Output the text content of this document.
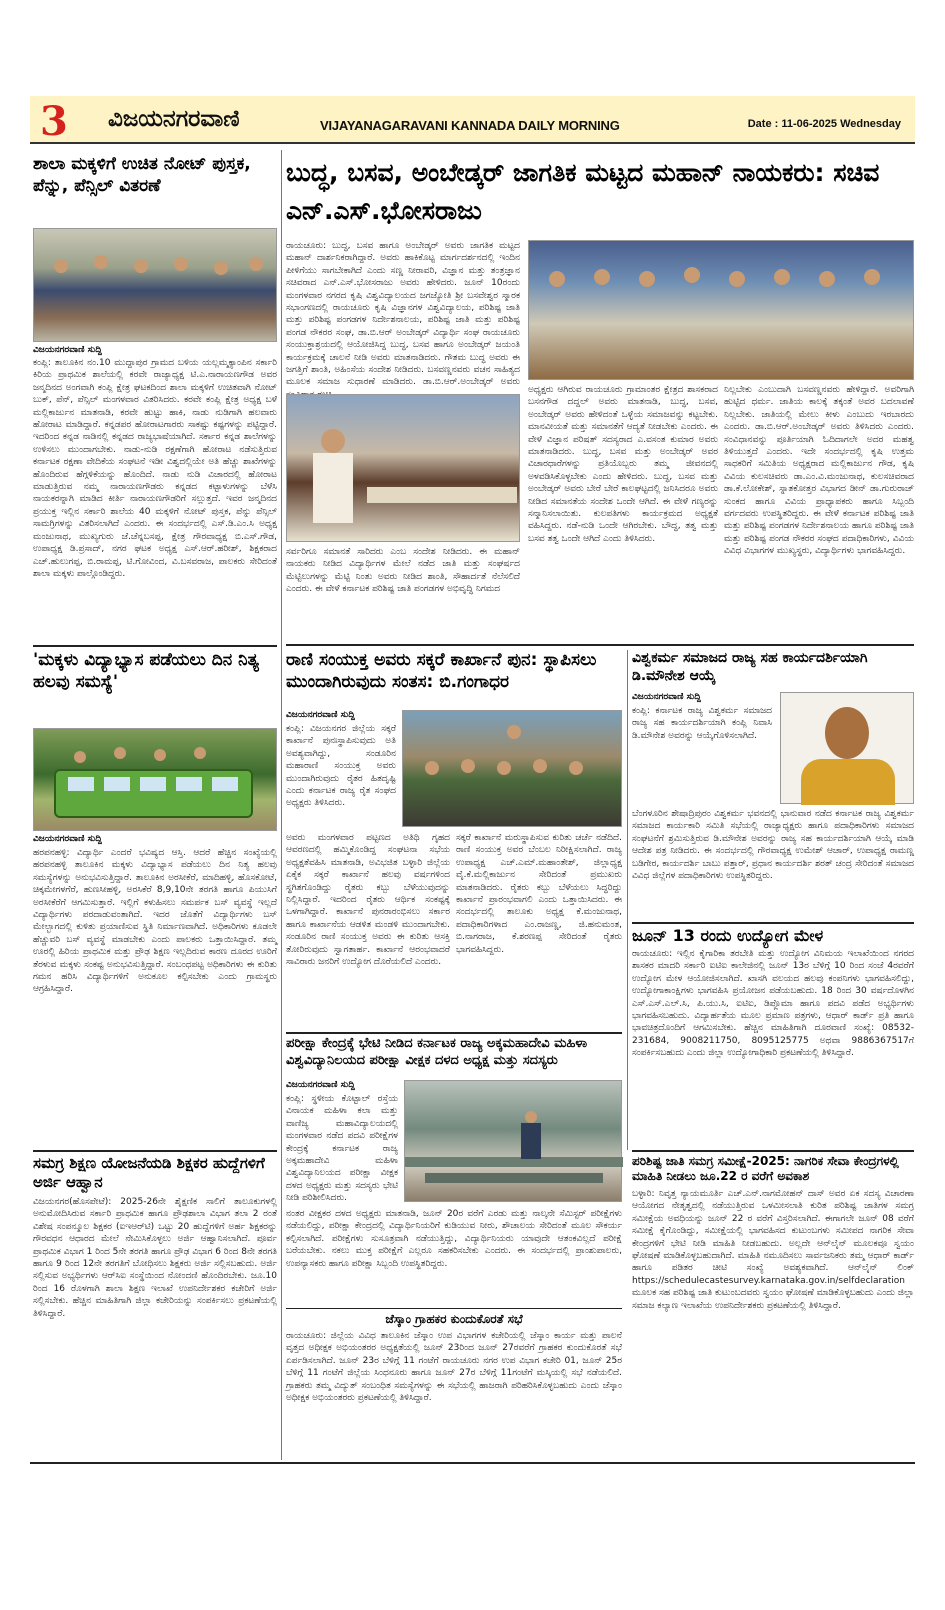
3 ವಿಜಯನಗರವಾಣಿ	VIJAYANAGARAVANI KANNADA DAILY MORNING	Date : 11-06-2025 Wednesday
ಶಾಲಾ ಮಕ್ಕಳಿಗೆ ಉಚಿತ ನೋಟ್ ಪುಸ್ತಕ, ಪೆನ್ನು, ಪೆನ್ಸಿಲ್ ವಿತರಣೆ
ವಿಜಯನಗರವಾಣಿ ಸುದ್ದಿ
ಕಂಪ್ಲಿ: ತಾಲೂಕಿನ ನಂ.10 ಮುದ್ದಾಪುರ ಗ್ರಾಮದ ಬಳಿಯ ಯಲ್ಲಮ್ಮಕ್ಯಾಂಪಿನ ಸರ್ಕಾರಿ ಕಿರಿಯ ಪ್ರಾಥಮಿಕ ಶಾಲೆಯಲ್ಲಿ ಕರವೇ ರಾಜ್ಯಾಧ್ಯಕ್ಷ ಟಿ.ಎ.ನಾರಾಯಣಗೌಡ ಅವರ ಜನ್ಮದಿನದ ಅಂಗವಾಗಿ ಕಂಪ್ಲಿ ಕ್ಷೇತ್ರ ಘಟಕದಿಂದ ಶಾಲಾ ಮಕ್ಕಳಿಗೆ ಉಚಿತವಾಗಿ ನೋಟ್ ಬುಕ್, ಪೆನ್, ಪೆನ್ಸಿಲ್ ಮಂಗಳವಾರ ವಿತರಿಸಿದರು. ಕರವೇ ಕಂಪ್ಲಿ ಕ್ಷೇತ್ರ ಅಧ್ಯಕ್ಷ ಬಳೆ ಮಲ್ಲಿಕಾರ್ಜುನ ಮಾತನಾಡಿ, ಕರವೇ ಹುಟ್ಟು ಹಾಕಿ, ನಾಡು ನುಡಿಗಾಗಿ ಹಲವಾರು ಹೋರಾಟ ಮಾಡಿದ್ದಾರೆ. ಕನ್ನಡಪರ ಹೋರಾಟಗಾರರು ಸಾಕಷ್ಟು ಕಷ್ಟಗಳನ್ನು ಪಟ್ಟಿದ್ದಾರೆ. ಇದರಿಂದ ಕನ್ನಡ ನಾಡಿನಲ್ಲಿ ಕನ್ನಡದ ರಾಜ್ಯಭಾಷೆಯಾಗಿದೆ. ಸರ್ಕಾರ ಕನ್ನಡ ಶಾಲೆಗಳನ್ನು ಉಳಿಸಲು ಮುಂದಾಗಬೇಕು. ನಾಡು-ನುಡಿ ರಕ್ಷಣೆಗಾಗಿ ಹೋರಾಟ ನಡೆಸುತ್ತಿರುವ ಕರ್ನಾಟಕ ರಕ್ಷಣಾ ವೇದಿಕೆಯ ಸಂಘಟನೆ ಇಡೀ ವಿಶ್ವದಲ್ಲಿಯೇ ಅತಿ ಹೆಚ್ಚು ಶಾಖೆಗಳನ್ನು ಹೊಂದಿರುವ ಹೆಗ್ಗಳಿಕೆಯನ್ನು ಹೊಂದಿದೆ. ನಾಡು ನುಡಿ ವಿಚಾರದಲ್ಲಿ ಹೋರಾಟ ಮಾಡುತ್ತಿರುವ ನಮ್ಮ ನಾರಾಯಣಗೌಡರು ಕನ್ನಡದ ಕಟ್ಟಾಳುಗಳನ್ನು ಬೆಳೆಸಿ ನಾಯಕರನ್ನಾಗಿ ಮಾಡಿದ ಕೀರ್ತಿ ನಾರಾಯಣಗೌಡರಿಗೆ ಸಲ್ಲುತ್ತದೆ. ಇವರ ಜನ್ಮದಿನದ ಪ್ರಯುಕ್ತ ಇಲ್ಲಿನ ಸರ್ಕಾರಿ ಶಾಲೆಯ 40 ಮಕ್ಕಳಿಗೆ ನೋಟ್ ಪುಸ್ತಕ, ಪೆನ್ನು ಪೆನ್ಸಿಲ್ ಸಾಮಗ್ರಿಗಳನ್ನು ವಿತರಿಸಲಾಗಿದೆ ಎಂದರು. ಈ ಸಂದರ್ಭದಲ್ಲಿ ಎಸ್.ಡಿ.ಎಂ.ಸಿ ಅಧ್ಯಕ್ಷ ಮಂಜುನಾಥ, ಮುಖ್ಯಗುರು ಜೆ.ಚೆನ್ನಬಸಪ್ಪ, ಕ್ಷೇತ್ರ ಗೌರವಾಧ್ಯಕ್ಷ ಬಿ.ಎಸ್.ಗೌಡ, ಉಪಾಧ್ಯಕ್ಷ ಡಿ.ಪ್ರಸಾದ್, ನಗರ ಘಟಕ ಅಧ್ಯಕ್ಷ ಎಸ್.ಆರ್.ಹರೀಶ್, ಶಿಕ್ಷಕರಾದ ಎಚ್.ಹುಲುಗಪ್ಪ, ಬಿ.ರಾಮಪ್ಪ, ಟಿ.ಗೋವಿಂದ, ವಿ.ಬಸವರಾಜ, ಪಾಲಕರು ಸೇರಿದಂತೆ ಶಾಲಾ ಮಕ್ಕಳು ಪಾಲ್ಗೊಂಡಿದ್ದರು.
'ಮಕ್ಕಳು ವಿದ್ಯಾಭ್ಯಾಸ ಪಡೆಯಲು ದಿನ ನಿತ್ಯ ಹಲವು ಸಮಸ್ಯೆ'
ವಿಜಯನಗರವಾಣಿ ಸುದ್ದಿ
ಹರಪನಹಳ್ಳಿ: ವಿದ್ಯಾರ್ಥಿ ಎಂದರೆ ಭವಿಷ್ಯದ ಆಸ್ತಿ. ಆದರೆ ಹೆಚ್ಚಿನ ಸಂಖ್ಯೆಯಲ್ಲಿ ಹರಪನಹಳ್ಳಿ ತಾಲೂಕಿನ ಮಕ್ಕಳು ವಿದ್ಯಾಭ್ಯಾಸ ಪಡೆಯಲು ದಿನ ನಿತ್ಯ ಹಲವು ಸಮಸ್ಯೆಗಳನ್ನು ಅನುಭವಿಸುತ್ತಿದ್ದಾರೆ. ತಾಲೂಕಿನ ಅರಸೀಕೆರೆ, ಮಾದಿಹಳ್ಳಿ, ಹೊಸಕೋಟೆ, ಚಿಕ್ಕಮೇಗಳಗೆರೆ, ಹುಣಸೀಹಳ್ಳಿ, ಅರಸಿಕೆರೆ 8,9,10ನೇ ತರಗತಿ ಹಾಗೂ ಪಿಯುಸಿಗೆ ಅರಸೀಕೆರೆಗೆ ಆಗಮಿಸುತ್ತಾರೆ. ಇಲ್ಲಿಗೆ ಕಳುಹಿಸಲು ಸಮರ್ಪಕ ಬಸ್ ವ್ಯವಸ್ಥೆ ಇಲ್ಲದೆ ವಿದ್ಯಾರ್ಥಿಗಳು ಪರದಾಡುವಂತಾಗಿದೆ. ಇದರ ಜೊತೆಗೆ ವಿದ್ಯಾರ್ಥಿಗಳು ಬಸ್ ಮೇಲ್ಭಾಗದಲ್ಲಿ ಕುಳಿತು ಪ್ರಯಾಣಿಸುವ ಸ್ಥಿತಿ ನಿರ್ಮಾಣವಾಗಿದೆ. ಅಧಿಕಾರಿಗಳು ಕೂಡಲೇ ಹೆಚ್ಚುವರಿ ಬಸ್ ವ್ಯವಸ್ಥೆ ಮಾಡಬೇಕು ಎಂದು ಪಾಲಕರು ಒತ್ತಾಯಿಸಿದ್ದಾರೆ. ತಮ್ಮ ಊರಲ್ಲಿ ಹಿರಿಯ ಪ್ರಾಥಮಿಕ ಮತ್ತು ಪ್ರೌಢ ಶಿಕ್ಷಣ ಇಲ್ಲದಿರುವ ಕಾರಣ ದೂರದ ಊರಿಗೆ ತೆರಳುವ ಮಕ್ಕಳು ಸಂಕಷ್ಟ ಅನುಭವಿಸುತ್ತಿದ್ದಾರೆ. ಸಂಬಂಧಪಟ್ಟ ಅಧಿಕಾರಿಗಳು ಈ ಕುರಿತು ಗಮನ ಹರಿಸಿ ವಿದ್ಯಾರ್ಥಿಗಳಿಗೆ ಅನುಕೂಲ ಕಲ್ಪಿಸಬೇಕು ಎಂದು ಗ್ರಾಮಸ್ಥರು ಆಗ್ರಹಿಸಿದ್ದಾರೆ.
ಸಮಗ್ರ ಶಿಕ್ಷಣ ಯೋಜನೆಯಡಿ ಶಿಕ್ಷಕರ ಹುದ್ದೆಗಳಿಗೆ ಅರ್ಜಿ ಆಹ್ವಾನ
ವಿಜಯನಗರ(ಹೊಸಪೇಟೆ): 2025-26ನೇ ಶೈಕ್ಷಣಿಕ ಸಾಲಿಗೆ ತಾಲೂಕುಗಳಲ್ಲಿ ಅನುಮೋದಿಸಿರುವ ಸರ್ಕಾರಿ ಪ್ರಾಥಮಿಕ ಹಾಗೂ ಪ್ರೌಢಶಾಲಾ ವಿಭಾಗ ತಲಾ 2 ರಂತೆ ವಿಶೇಷ ಸಂಪನ್ಮೂಲ ಶಿಕ್ಷಕರ (ಐಇಆರ್‌ಟಿ) ಒಟ್ಟು 20 ಹುದ್ದೆಗಳಿಗೆ ಅರ್ಹ ಶಿಕ್ಷಕರನ್ನು ಗೌರವಧನ ಆಧಾರದ ಮೇಲೆ ನೇಮಿಸಿಕೊಳ್ಳಲು ಅರ್ಜಿ ಆಹ್ವಾನಿಸಲಾಗಿದೆ. ಪೂರ್ವ ಪ್ರಾಥಮಿಕ ವಿಭಾಗ 1 ರಿಂದ 5ನೇ ತರಗತಿ ಹಾಗೂ ಪ್ರೌಢ ವಿಭಾಗ 6 ರಿಂದ 8ನೇ ತರಗತಿ ಹಾಗೂ 9 ರಿಂದ 12ನೇ ತರಗತಿಗೆ ಬೋಧಿಸಲು ಶಿಕ್ಷಕರು ಅರ್ಜಿ ಸಲ್ಲಿಸಬಹುದು. ಅರ್ಜಿ ಸಲ್ಲಿಸುವ ಅಭ್ಯರ್ಥಿಗಳು ಆರ್‌ಸಿಐ ಸಂಸ್ಥೆಯಿಂದ ನೋಂದಣಿ ಹೊಂದಿರಬೇಕು. ಜೂ.10 ರಿಂದ 16 ರೊಳಗಾಗಿ ಶಾಲಾ ಶಿಕ್ಷಣ ಇಲಾಖೆ ಉಪನಿರ್ದೇಶಕರ ಕಚೇರಿಗೆ ಅರ್ಜಿ ಸಲ್ಲಿಸಬೇಕು. ಹೆಚ್ಚಿನ ಮಾಹಿತಿಗಾಗಿ ಜಿಲ್ಲಾ ಕಚೇರಿಯನ್ನು ಸಂಪರ್ಕಿಸಲು ಪ್ರಕಟಣೆಯಲ್ಲಿ ತಿಳಿಸಿದ್ದಾರೆ.
ಬುದ್ಧ, ಬಸವ, ಅಂಬೇಡ್ಕರ್ ಜಾಗತಿಕ ಮಟ್ಟದ ಮಹಾನ್ ನಾಯಕರು: ಸಚಿವ ಎನ್.ಎಸ್.ಭೋಸರಾಜು
ರಾಯಚೂರು: ಬುದ್ಧ, ಬಸವ ಹಾಗೂ ಅಂಬೇಡ್ಕರ್ ಅವರು ಜಾಗತಿಕ ಮಟ್ಟದ ಮಹಾನ್ ದಾರ್ಶನಿಕರಾಗಿದ್ದಾರೆ. ಅವರು ಹಾಕಿಕೊಟ್ಟ ಮಾರ್ಗದರ್ಶನದಲ್ಲಿ ಇಂದಿನ ಪೀಳಿಗೆಯು ಸಾಗಬೇಕಾಗಿದೆ ಎಂದು ಸಣ್ಣ ನೀರಾವರಿ, ವಿಜ್ಞಾನ ಮತ್ತು ತಂತ್ರಜ್ಞಾನ ಸಚಿವರಾದ ಎನ್.ಎಸ್.ಭೋಸರಾಜು ಅವರು ಹೇಳಿದರು. ಜೂನ್ 10ರಂದು ಮಂಗಳವಾರ ನಗರದ ಕೃಷಿ ವಿಶ್ವವಿದ್ಯಾಲಯದ ಜಗಜ್ಯೋತಿ ಶ್ರೀ ಬಸವೇಶ್ವರ ಸ್ಮಾರಕ ಸಭಾಂಗಣದಲ್ಲಿ ರಾಯಚೂರು ಕೃಷಿ ವಿಜ್ಞಾನಗಳ ವಿಶ್ವವಿದ್ಯಾಲಯ, ಪರಿಶಿಷ್ಟ ಜಾತಿ ಮತ್ತು ಪರಿಶಿಷ್ಟ ಪಂಗಡಗಳ ನಿರ್ದೇಶನಾಲಯ, ಪರಿಶಿಷ್ಟ ಜಾತಿ ಮತ್ತು ಪರಿಶಿಷ್ಟ ಪಂಗಡ ನೌಕರರ ಸಂಘ, ಡಾ.ಬಿ.ಆರ್ ಅಂಬೇಡ್ಕರ್ ವಿದ್ಯಾರ್ಥಿ ಸಂಘ ರಾಯಚೂರು ಸಂಯುಕ್ತಾಶ್ರಯದಲ್ಲಿ ಆಯೋಜಿಸಿದ್ದ ಬುದ್ಧ, ಬಸವ ಹಾಗೂ ಅಂಬೇಡ್ಕರ್ ಜಯಂತಿ ಕಾರ್ಯಕ್ರಮಕ್ಕೆ ಚಾಲನೆ ನೀಡಿ ಅವರು ಮಾತನಾಡಿದರು. ಗೌತಮ ಬುದ್ಧ ಅವರು ಈ ಜಗತ್ತಿಗೆ ಶಾಂತಿ, ಅಹಿಂಸೆಯ ಸಂದೇಶ ನೀಡಿದರು. ಬಸವಣ್ಣನವರು ವಚನ ಸಾಹಿತ್ಯದ ಮೂಲಕ ಸಮಾಜ ಸುಧಾರಣೆ ಮಾಡಿದರು. ಡಾ.ಬಿ.ಆರ್.ಅಂಬೇಡ್ಕರ್ ಅವರು
ಸರ್ವರಿಗೂ ಸಮಾನತೆ ಸಾರಿದರು ಎಂಬ ಸಂದೇಶ ನೀಡಿದರು. ಈ ಮಹಾನ್ ನಾಯಕರು ನೀಡಿದ ವಿದ್ಯಾರ್ಥಿಗಳ ಮೇಲೆ ನಡೆದ ಜಾತಿ ಮತ್ತು ಸಂಘರ್ಷದ ಮೆಟ್ಟಿಲುಗಳನ್ನು ಮೆಟ್ಟಿ ನಿಂತು ಅವರು ನೀಡಿದ ಶಾಂತಿ, ಸೌಹಾರ್ದತೆ ನೆಲೆಸಲಿದೆ ಎಂದರು. ಈ ವೇಳೆ ಕರ್ನಾಟಕ ಪರಿಶಿಷ್ಟ ಜಾತಿ ಪಂಗಡಗಳ ಅಭಿವೃದ್ಧಿ ನಿಗಮದ
ಅಧ್ಯಕ್ಷರು ಆಗಿರುವ ರಾಯಚೂರು ಗ್ರಾಮಾಂತರ ಕ್ಷೇತ್ರದ ಶಾಸಕರಾದ ಬಸನಗೌಡ ದದ್ದಲ್ ಅವರು ಮಾತನಾಡಿ, ಬುದ್ಧ, ಬಸವ, ಅಂಬೇಡ್ಕರ್ ಅವರು ಹೇಳಿದಂತೆ ಒಳ್ಳೆಯ ಸಮಾಜವನ್ನು ಕಟ್ಟಬೇಕು. ಮಾನವೀಯತೆ ಮತ್ತು ಸಮಾನತೆಗೆ ಆದ್ಯತೆ ನೀಡಬೇಕು ಎಂದರು. ಈ ವೇಳೆ ವಿಜ್ಞಾನ ಪರಿಷತ್ ಸದಸ್ಯರಾದ ಎ.ವಸಂತ ಕುಮಾರ ಅವರು ಮಾತನಾಡಿದರು. ಬುದ್ಧ, ಬಸವ ಮತ್ತು ಅಂಬೇಡ್ಕರ್ ಅವರ ವಿಚಾರಧಾರೆಗಳನ್ನು ಪ್ರತಿಯೊಬ್ಬರು ತಮ್ಮ ಜೀವನದಲ್ಲಿ ಅಳವಡಿಸಿಕೊಳ್ಳಬೇಕು ಎಂದು ಹೇಳಿದರು. ಬುದ್ಧ, ಬಸವ ಮತ್ತು ಅಂಬೇಡ್ಕರ್ ಅವರು ಬೇರೆ ಬೇರೆ ಕಾಲಘಟ್ಟದಲ್ಲಿ ಜನಿಸಿದರೂ ಅವರು ನೀಡಿದ ಸಮಾನತೆಯ ಸಂದೇಶ ಒಂದೇ ಆಗಿದೆ. ಈ ವೇಳೆ ಗಣ್ಯರನ್ನು ಸನ್ಮಾನಿಸಲಾಯಿತು. ಕುಲಪತಿಗಳು ಕಾರ್ಯಕ್ರಮದ ಅಧ್ಯಕ್ಷತೆ ವಹಿಸಿದ್ದರು. ನಡೆ-ನುಡಿ ಒಂದೇ ಆಗಿರಬೇಕು. ಬೌದ್ಧ, ತತ್ವ ಮತ್ತು ಬಸವ ತತ್ವ ಒಂದೇ ಆಗಿದೆ ಎಂದು ತಿಳಿಸಿದರು.
ನಿಲ್ಲಬೇಕು ಎಂಬುದಾಗಿ ಬಸವಣ್ಣನವರು ಹೇಳಿದ್ದಾರೆ. ಅವರಿಗಾಗಿ ಹುಟ್ಟಿದ ಧರ್ಮ. ಜಾತಿಯ ಕಾಲಕ್ಕೆ ತಕ್ಕಂತೆ ಅವರ ಬದಲಾವಣೆ ನಿಲ್ಲಬೇಕು. ಜಾತಿಯಲ್ಲಿ ಮೇಲು ಕೀಳು ಎಂಬುದು ಇರಬಾರದು ಎಂದರು. ಡಾ.ಬಿ.ಆರ್.ಅಂಬೇಡ್ಕರ್ ಅವರು ತಿಳಿಸಿದರು ಎಂದರು. ಸಂವಿಧಾನವನ್ನು ಪೂರ್ತಿಯಾಗಿ ಓದಿದಾಗಲೇ ಅದರ ಮಹತ್ವ ತಿಳಿಯುತ್ತದೆ ಎಂದರು. ಇದೇ ಸಂದರ್ಭದಲ್ಲಿ ಕೃಷಿ ಉತ್ತಮ ಸಾಧಕರಿಗೆ ಸಮಿತಿಯ ಅಧ್ಯಕ್ಷರಾದ ಮಲ್ಲಿಕಾರ್ಜುನ ಗೌಡ, ಕೃಷಿ ವಿವಿಯ ಕುಲಸಚಿವರು ಡಾ.ಎಂ.ವಿ.ಮಂಜುನಾಥ, ಕುಲಸಚಿವರಾದ ಡಾ.ಕೆ.ಲೋಕೇಶ್, ಸ್ನಾತಕೋತ್ತರ ವಿಭಾಗದ ಡೀನ್ ಡಾ.ಗುರುರಾಜ್ ಸುಂಕದ ಹಾಗೂ ವಿವಿಯ ಪ್ರಾಧ್ಯಾಪಕರು ಹಾಗೂ ಸಿಬ್ಬಂದಿ ವರ್ಗದವರು ಉಪಸ್ಥಿತರಿದ್ದರು. ಈ ವೇಳೆ ಕರ್ನಾಟಕ ಪರಿಶಿಷ್ಟ ಜಾತಿ ಮತ್ತು ಪರಿಶಿಷ್ಟ ಪಂಗಡಗಳ ನಿರ್ದೇಶನಾಲಯ ಹಾಗೂ ಪರಿಶಿಷ್ಟ ಜಾತಿ ಮತ್ತು ಪರಿಶಿಷ್ಟ ಪಂಗಡ ನೌಕರರ ಸಂಘದ ಪದಾಧಿಕಾರಿಗಳು, ವಿವಿಯ ವಿವಿಧ ವಿಭಾಗಗಳ ಮುಖ್ಯಸ್ಥರು, ವಿದ್ಯಾರ್ಥಿಗಳು ಭಾಗವಹಿಸಿದ್ದರು.
ರಾಣಿ ಸಂಯುಕ್ತ ಅವರು ಸಕ್ಕರೆ ಕಾರ್ಖಾನೆ ಪುನ: ಸ್ಥಾಪಿಸಲು ಮುಂದಾಗಿರುವುದು ಸಂತಸ: ಬಿ.ಗಂಗಾಧರ
ವಿಜಯನಗರವಾಣಿ ಸುದ್ದಿ
ಕಂಪ್ಲಿ: ವಿಜಯನಗರ ಜಿಲ್ಲೆಯ ಸಕ್ಕರೆ ಕಾರ್ಖಾನೆ ಪುನಃಸ್ಥಾಪಿಸುವುದು ಅತಿ ಅವಶ್ಯವಾಗಿದ್ದು, ಸಂಡೂರಿನ ಮಹಾರಾಣಿ ಸಂಯುಕ್ತ ಅವರು ಮುಂದಾಗಿರುವುದು ರೈತರ ಹಿತದೃಷ್ಟಿ ಎಂದು ಕರ್ನಾಟಕ ರಾಜ್ಯ ರೈತ ಸಂಘದ ಅಧ್ಯಕ್ಷರು ತಿಳಿಸಿದರು.
ಅವರು ಮಂಗಳವಾರ ಪಟ್ಟಣದ ಅತಿಥಿ ಗೃಹದ ಆವರಣದಲ್ಲಿ ಹಮ್ಮಿಕೊಂಡಿದ್ದ ಸಂಘಟನಾ ಸಭೆಯ ಅಧ್ಯಕ್ಷತೆವಹಿಸಿ ಮಾತನಾಡಿ, ಅವಿಭಜಿತ ಬಳ್ಳಾರಿ ಜಿಲ್ಲೆಯ ಏಕೈಕ ಸಕ್ಕರೆ ಕಾರ್ಖಾನೆ ಹಲವು ವರ್ಷಗಳಿಂದ ಸ್ಥಗಿತಗೊಂಡಿದ್ದು ರೈತರು ಕಬ್ಬು ಬೆಳೆಯುವುದನ್ನು ನಿಲ್ಲಿಸಿದ್ದಾರೆ. ಇದರಿಂದ ರೈತರು ಆರ್ಥಿಕ ಸಂಕಷ್ಟಕ್ಕೆ ಒಳಗಾಗಿದ್ದಾರೆ. ಕಾರ್ಖಾನೆ ಪುನರಾರಂಭಿಸಲು ಸರ್ಕಾರ ಹಾಗೂ ಕಾರ್ಖಾನೆಯ ಆಡಳಿತ ಮಂಡಳಿ ಮುಂದಾಗಬೇಕು. ಸಂಡೂರಿನ ರಾಣಿ ಸಂಯುಕ್ತ ಅವರು ಈ ಕುರಿತು ಆಸಕ್ತಿ ತೋರಿರುವುದು ಸ್ವಾಗತಾರ್ಹ. ಕಾರ್ಖಾನೆ ಆರಂಭವಾದರೆ ಸಾವಿರಾರು ಜನರಿಗೆ ಉದ್ಯೋಗ ದೊರೆಯಲಿದೆ ಎಂದರು.
ಸಕ್ಕರೆ ಕಾರ್ಖಾನೆ ಮರುಸ್ಥಾಪಿಸುವ ಕುರಿತು ಚರ್ಚೆ ನಡೆದಿದೆ. ರಾಣಿ ಸಂಯುಕ್ತ ಅವರ ಬೆಂಬಲ ನಿರೀಕ್ಷಿಸಲಾಗಿದೆ. ರಾಜ್ಯ ಉಪಾಧ್ಯಕ್ಷ ಎಚ್.ಎಮ್.ಮಹಾಂತೇಶ್, ಜಿಲ್ಲಾಧ್ಯಕ್ಷ ವೈ.ಕೆ.ಮಲ್ಲಿಕಾರ್ಜುನ ಸೇರಿದಂತೆ ಪ್ರಮುಖರು ಮಾತನಾಡಿದರು. ರೈತರು ಕಬ್ಬು ಬೆಳೆಯಲು ಸಿದ್ಧರಿದ್ದು ಕಾರ್ಖಾನೆ ಪ್ರಾರಂಭವಾಗಲಿ ಎಂದು ಒತ್ತಾಯಿಸಿದರು. ಈ ಸಂದರ್ಭದಲ್ಲಿ ತಾಲೂಕು ಅಧ್ಯಕ್ಷ ಕೆ.ಮಂಜುನಾಥ, ಪದಾಧಿಕಾರಿಗಳಾದ ಎಂ.ರಾಜಣ್ಣ, ಜಿ.ಹನುಮಂತ, ಬಿ.ನಾಗರಾಜ, ಕೆ.ಶರಣಪ್ಪ ಸೇರಿದಂತೆ ರೈತರು ಭಾಗವಹಿಸಿದ್ದರು.
ಪರೀಕ್ಷಾ ಕೇಂದ್ರಕ್ಕೆ ಭೇಟಿ ನೀಡಿದ ಕರ್ನಾಟಕ ರಾಜ್ಯ ಅಕ್ಕಮಹಾದೇವಿ ಮಹಿಳಾ ವಿಶ್ವವಿದ್ಯಾನಿಲಯದ ಪರೀಕ್ಷಾ ವೀಕ್ಷಕ ದಳದ ಅಧ್ಯಕ್ಷ ಮತ್ತು ಸದಸ್ಯರು
ವಿಜಯನಗರವಾಣಿ ಸುದ್ದಿ
ಕಂಪ್ಲಿ: ಸ್ಥಳೀಯ ಕೊಟ್ಟಾಲ್ ರಸ್ತೆಯ ವಿನಾಯಕ ಮಹಿಳಾ ಕಲಾ ಮತ್ತು ವಾಣಿಜ್ಯ ಮಹಾವಿದ್ಯಾಲಯದಲ್ಲಿ ಮಂಗಳವಾರ ನಡೆದ ಪದವಿ ಪರೀಕ್ಷೆಗಳ ಕೇಂದ್ರಕ್ಕೆ ಕರ್ನಾಟಕ ರಾಜ್ಯ ಅಕ್ಕಮಹಾದೇವಿ ಮಹಿಳಾ ವಿಶ್ವವಿದ್ಯಾನಿಲಯದ ಪರೀಕ್ಷಾ ವೀಕ್ಷಕ ದಳದ ಅಧ್ಯಕ್ಷರು ಮತ್ತು ಸದಸ್ಯರು ಭೇಟಿ ನೀಡಿ ಪರಿಶೀಲಿಸಿದರು.
ನಂತರ ವೀಕ್ಷಕರ ದಳದ ಅಧ್ಯಕ್ಷರು ಮಾತನಾಡಿ, ಜೂನ್ 20ರ ವರೆಗೆ ಎರಡು ಮತ್ತು ನಾಲ್ಕನೇ ಸೆಮಿಸ್ಟರ್ ಪರೀಕ್ಷೆಗಳು ನಡೆಯಲಿದ್ದು, ಪರೀಕ್ಷಾ ಕೇಂದ್ರದಲ್ಲಿ ವಿದ್ಯಾರ್ಥಿನಿಯರಿಗೆ ಕುಡಿಯುವ ನೀರು, ಶೌಚಾಲಯ ಸೇರಿದಂತೆ ಮೂಲ ಸೌಕರ್ಯ ಕಲ್ಪಿಸಲಾಗಿದೆ. ಪರೀಕ್ಷೆಗಳು ಸುಸೂತ್ರವಾಗಿ ನಡೆಯುತ್ತಿದ್ದು, ವಿದ್ಯಾರ್ಥಿನಿಯರು ಯಾವುದೇ ಆತಂಕವಿಲ್ಲದೆ ಪರೀಕ್ಷೆ ಬರೆಯಬೇಕು. ನಕಲು ಮುಕ್ತ ಪರೀಕ್ಷೆಗೆ ಎಲ್ಲರೂ ಸಹಕರಿಸಬೇಕು ಎಂದರು. ಈ ಸಂದರ್ಭದಲ್ಲಿ ಪ್ರಾಂಶುಪಾಲರು, ಉಪನ್ಯಾಸಕರು ಹಾಗೂ ಪರೀಕ್ಷಾ ಸಿಬ್ಬಂದಿ ಉಪಸ್ಥಿತರಿದ್ದರು.
ವಿಶ್ವಕರ್ಮ ಸಮಾಜದ ರಾಜ್ಯ ಸಹ ಕಾರ್ಯದರ್ಶಿಯಾಗಿ ಡಿ.ಮೌನೇಶ ಆಯ್ಕೆ
ವಿಜಯನಗರವಾಣಿ ಸುದ್ದಿ
ಕಂಪ್ಲಿ: ಕರ್ನಾಟಕ ರಾಜ್ಯ ವಿಶ್ವಕರ್ಮ ಸಮಾಜದ ರಾಜ್ಯ ಸಹ ಕಾರ್ಯದರ್ಶಿಯಾಗಿ ಕಂಪ್ಲಿ ನಿವಾಸಿ ಡಿ.ಮೌನೇಶ ಅವರನ್ನು ಆಯ್ಕೆಗೊಳಿಸಲಾಗಿದೆ.
ಬೆಂಗಳೂರಿನ ಶೇಷಾದ್ರಿಪುರಂ ವಿಶ್ವಕರ್ಮ ಭವನದಲ್ಲಿ ಭಾನುವಾರ ನಡೆದ ಕರ್ನಾಟಕ ರಾಜ್ಯ ವಿಶ್ವಕರ್ಮ ಸಮಾಜದ ಕಾರ್ಯಕಾರಿ ಸಮಿತಿ ಸಭೆಯಲ್ಲಿ ರಾಜ್ಯಾಧ್ಯಕ್ಷರು ಹಾಗೂ ಪದಾಧಿಕಾರಿಗಳು ಸಮಾಜದ ಸಂಘಟನೆಗೆ ಶ್ರಮಿಸುತ್ತಿರುವ ಡಿ.ಮೌನೇಶ ಅವರನ್ನು ರಾಜ್ಯ ಸಹ ಕಾರ್ಯದರ್ಶಿಯಾಗಿ ಆಯ್ಕೆ ಮಾಡಿ ಆದೇಶ ಪತ್ರ ನೀಡಿದರು. ಈ ಸಂದರ್ಭದಲ್ಲಿ ಗೌರವಾಧ್ಯಕ್ಷ ಉಮೇಶ್ ಆಚಾರ್, ಉಪಾಧ್ಯಕ್ಷ ರಾಮಣ್ಣ ಬಡಿಗೇರ, ಕಾರ್ಯದರ್ಶಿ ಬಾಬು ಪತ್ತಾರ್, ಪ್ರಧಾನ ಕಾರ್ಯದರ್ಶಿ ಶರತ್ ಚಂದ್ರ ಸೇರಿದಂತೆ ಸಮಾಜದ ವಿವಿಧ ಜಿಲ್ಲೆಗಳ ಪದಾಧಿಕಾರಿಗಳು ಉಪಸ್ಥಿತರಿದ್ದರು.
ಜೂನ್ 13 ರಂದು ಉದ್ಯೋಗ ಮೇಳ
ರಾಯಚೂರು: ಇಲ್ಲಿನ ಕೈಗಾರಿಕಾ ತರಬೇತಿ ಮತ್ತು ಉದ್ಯೋಗ ವಿನಿಮಯ ಇಲಾಖೆಯಿಂದ ನಗರದ ಶಾಸಕರ ಮಾದರಿ ಸರ್ಕಾರಿ ಐಟಿಐ ಕಾಲೇಜಿನಲ್ಲಿ ಜೂನ್ 13ರ ಬೆಳಿಗ್ಗೆ 10 ರಿಂದ ಸಂಜೆ 4ರವರೆಗೆ ಉದ್ಯೋಗ ಮೇಳ ಆಯೋಜಿಸಲಾಗಿದೆ. ಖಾಸಗಿ ವಲಯದ ಹಲವು ಕಂಪನಿಗಳು ಭಾಗವಹಿಸಲಿದ್ದು, ಉದ್ಯೋಗಾಕಾಂಕ್ಷಿಗಳು ಭಾಗವಹಿಸಿ ಪ್ರಯೋಜನ ಪಡೆಯಬಹುದು. 18 ರಿಂದ 30 ವರ್ಷದೊಳಗಿನ ಎಸ್.ಎಸ್.ಎಲ್.ಸಿ, ಪಿ.ಯು.ಸಿ, ಐಟಿಐ, ಡಿಪ್ಲೊಮಾ ಹಾಗೂ ಪದವಿ ಪಡೆದ ಅಭ್ಯರ್ಥಿಗಳು ಭಾಗವಹಿಸಬಹುದು. ವಿದ್ಯಾರ್ಹತೆಯ ಮೂಲ ಪ್ರಮಾಣ ಪತ್ರಗಳು, ಆಧಾರ್ ಕಾರ್ಡ್ ಪ್ರತಿ ಹಾಗೂ ಭಾವಚಿತ್ರದೊಂದಿಗೆ ಆಗಮಿಸಬೇಕು. ಹೆಚ್ಚಿನ ಮಾಹಿತಿಗಾಗಿ ದೂರವಾಣಿ ಸಂಖ್ಯೆ: 08532-231684, 9008211750, 8095125775 ಅಥವಾ 9886367517ಗೆ ಸಂಪರ್ಕಿಸಬಹುದು ಎಂದು ಜಿಲ್ಲಾ ಉದ್ಯೋಗಾಧಿಕಾರಿ ಪ್ರಕಟಣೆಯಲ್ಲಿ ತಿಳಿಸಿದ್ದಾರೆ.
ಪರಿಶಿಷ್ಟ ಜಾತಿ ಸಮಗ್ರ ಸಮೀಕ್ಷೆ-2025: ನಾಗರಿಕ ಸೇವಾ ಕೇಂದ್ರಗಳಲ್ಲಿ ಮಾಹಿತಿ ನೀಡಲು ಜೂ.22 ರ ವರೆಗೆ ಅವಕಾಶ
ಬಳ್ಳಾರಿ: ನಿವೃತ್ತ ನ್ಯಾಯಮೂರ್ತಿ ಎಚ್.ಎನ್.ನಾಗಮೋಹನ್ ದಾಸ್ ಅವರ ಏಕ ಸದಸ್ಯ ವಿಚಾರಣಾ ಆಯೋಗದ ನೇತೃತ್ವದಲ್ಲಿ ನಡೆಯುತ್ತಿರುವ ಒಳಮೀಸಲಾತಿ ಕುರಿತ ಪರಿಶಿಷ್ಟ ಜಾತಿಗಳ ಸಮಗ್ರ ಸಮೀಕ್ಷೆಯ ಅವಧಿಯನ್ನು ಜೂನ್ 22 ರ ವರೆಗೆ ವಿಸ್ತರಿಸಲಾಗಿದೆ. ಈಗಾಗಲೇ ಜೂನ್ 08 ವರೆಗೆ ಸಮೀಕ್ಷೆ ಕೈಗೊಂಡಿದ್ದು, ಸಮೀಕ್ಷೆಯಲ್ಲಿ ಭಾಗವಹಿಸದ ಕುಟುಂಬಗಳು ಸಮೀಪದ ನಾಗರಿಕ ಸೇವಾ ಕೇಂದ್ರಗಳಿಗೆ ಭೇಟಿ ನೀಡಿ ಮಾಹಿತಿ ನೀಡಬಹುದು. ಅಲ್ಲದೇ ಆನ್‌ಲೈನ್ ಮೂಲಕವೂ ಸ್ವಯಂ ಘೋಷಣೆ ಮಾಡಿಕೊಳ್ಳಬಹುದಾಗಿದೆ. ಮಾಹಿತಿ ನಮೂದಿಸಲು ಸಾರ್ವಜನಿಕರು ತಮ್ಮ ಆಧಾರ್ ಕಾರ್ಡ್ ಹಾಗೂ ಪಡಿತರ ಚೀಟಿ ಸಂಖ್ಯೆ ಅವಶ್ಯಕವಾಗಿದೆ. ಆನ್‌ಲೈನ್ ಲಿಂಕ್ https://schedulecastesurvey.karnataka.gov.in/selfdeclaration ಮೂಲಕ ಸಹ ಪರಿಶಿಷ್ಟ ಜಾತಿ ಕುಟುಂಬದವರು ಸ್ವಯಂ ಘೋಷಣೆ ಮಾಡಿಕೊಳ್ಳಬಹುದು ಎಂದು ಜಿಲ್ಲಾ ಸಮಾಜ ಕಲ್ಯಾಣ ಇಲಾಖೆಯ ಉಪನಿರ್ದೇಶಕರು ಪ್ರಕಟಣೆಯಲ್ಲಿ ತಿಳಿಸಿದ್ದಾರೆ.
ಜೆಸ್ಕಾಂ ಗ್ರಾಹಕರ ಕುಂದುಕೊರತೆ ಸಭೆ
ರಾಯಚೂರು: ಜಿಲ್ಲೆಯ ವಿವಿಧ ತಾಲೂಕಿನ ಜೆಸ್ಕಾಂ ಉಪ ವಿಭಾಗಗಳ ಕಚೇರಿಯಲ್ಲಿ ಜೆಸ್ಕಾಂ ಕಾರ್ಯ ಮತ್ತು ಪಾಲನೆ ವೃತ್ತದ ಅಧೀಕ್ಷಕ ಅಭಿಯಂತರರ ಅಧ್ಯಕ್ಷತೆಯಲ್ಲಿ ಜೂನ್ 23ರಿಂದ ಜೂನ್ 27ರವರೆಗೆ ಗ್ರಾಹಕರ ಕುಂದುಕೊರತೆ ಸಭೆ ಏರ್ಪಡಿಸಲಾಗಿದೆ. ಜೂನ್ 23ರ ಬೆಳಿಗ್ಗೆ 11 ಗಂಟೆಗೆ ರಾಯಚೂರು ನಗರ ಉಪ ವಿಭಾಗ ಕಚೇರಿ 01, ಜೂನ್ 25ರ ಬೆಳಿಗ್ಗೆ 11 ಗಂಟೆಗೆ ಜಿಲ್ಲೆಯ ಸಿಂಧನೂರು ಹಾಗೂ ಜೂನ್ 27ರ ಬೆಳಿಗ್ಗೆ 11ಗಂಟೆಗೆ ಮಸ್ಕಿಯಲ್ಲಿ ಸಭೆ ನಡೆಯಲಿದೆ. ಗ್ರಾಹಕರು ತಮ್ಮ ವಿದ್ಯುತ್ ಸಂಬಂಧಿತ ಸಮಸ್ಯೆಗಳನ್ನು ಈ ಸಭೆಯಲ್ಲಿ ಹಾಜರಾಗಿ ಪರಿಹರಿಸಿಕೊಳ್ಳಬಹುದು ಎಂದು ಜೆಸ್ಕಾಂ ಅಧೀಕ್ಷಕ ಅಭಿಯಂತರರು ಪ್ರಕಟಣೆಯಲ್ಲಿ ತಿಳಿಸಿದ್ದಾರೆ.
